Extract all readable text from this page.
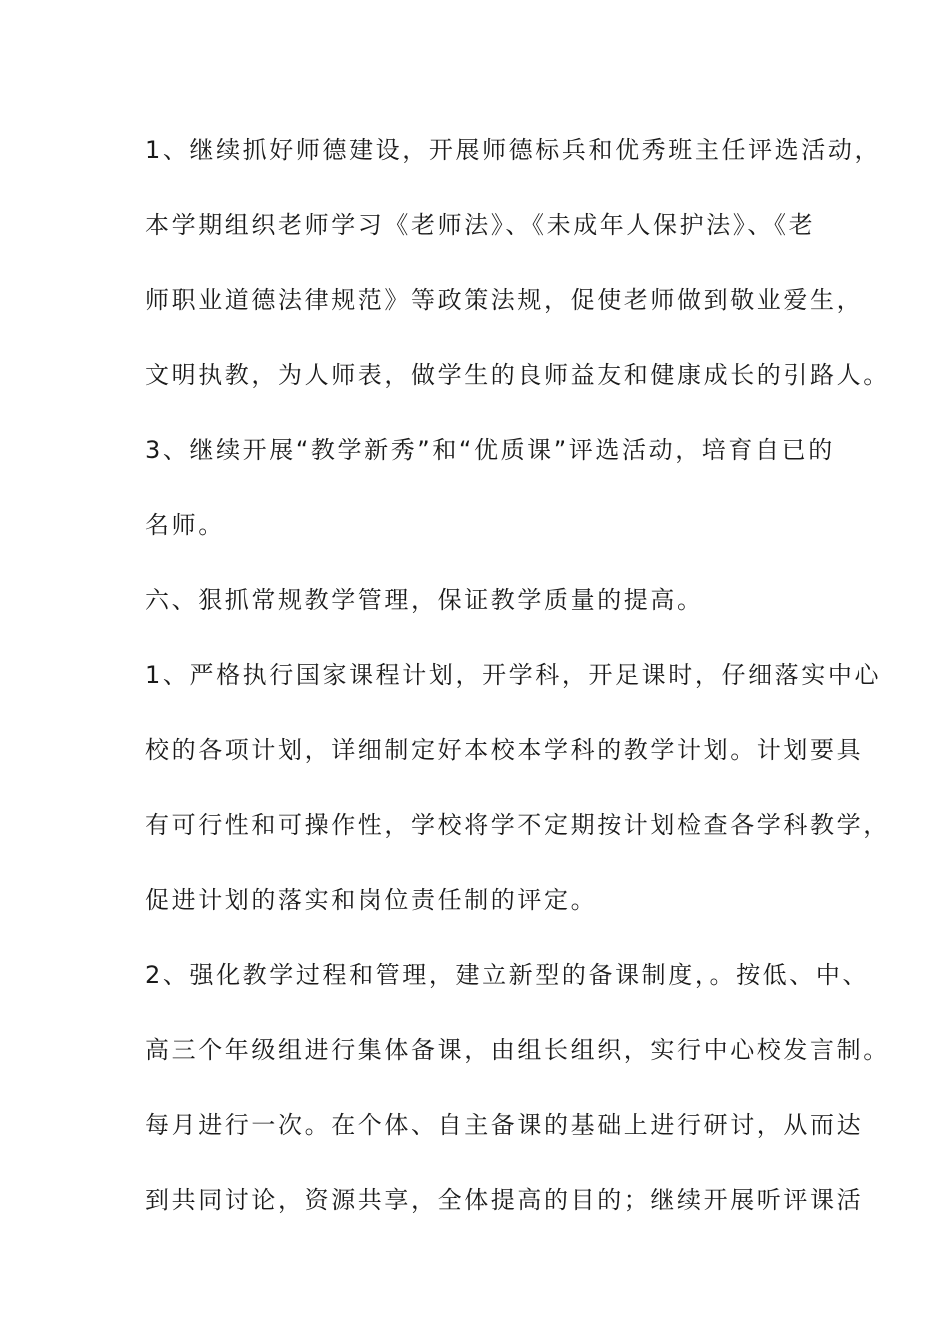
1、继续抓好师德建设，开展师德标兵和优秀班主任评选活动，
本学期组织老师学习《老师法》、《未成年人保护法》、《老
师职业道德法律规范》等政策法规，促使老师做到敬业爱生，
文明执教，为人师表，做学生的良师益友和健康成长的引路人。
3、继续开展“教学新秀”和“优质课”评选活动，培育自已的
名师。
六、狠抓常规教学管理，保证教学质量的提高。
1、严格执行国家课程计划，开学科，开足课时，仔细落实中心
校的各项计划，详细制定好本校本学科的教学计划。计划要具
有可行性和可操作性，学校将学不定期按计划检查各学科教学，
促进计划的落实和岗位责任制的评定。
2、强化教学过程和管理，建立新型的备课制度，。按低、中、
高三个年级组进行集体备课，由组长组织，实行中心校发言制。
每月进行一次。在个体、自主备课的基础上进行研讨，从而达
到共同讨论，资源共享，全体提高的目的；继续开展听评课活
